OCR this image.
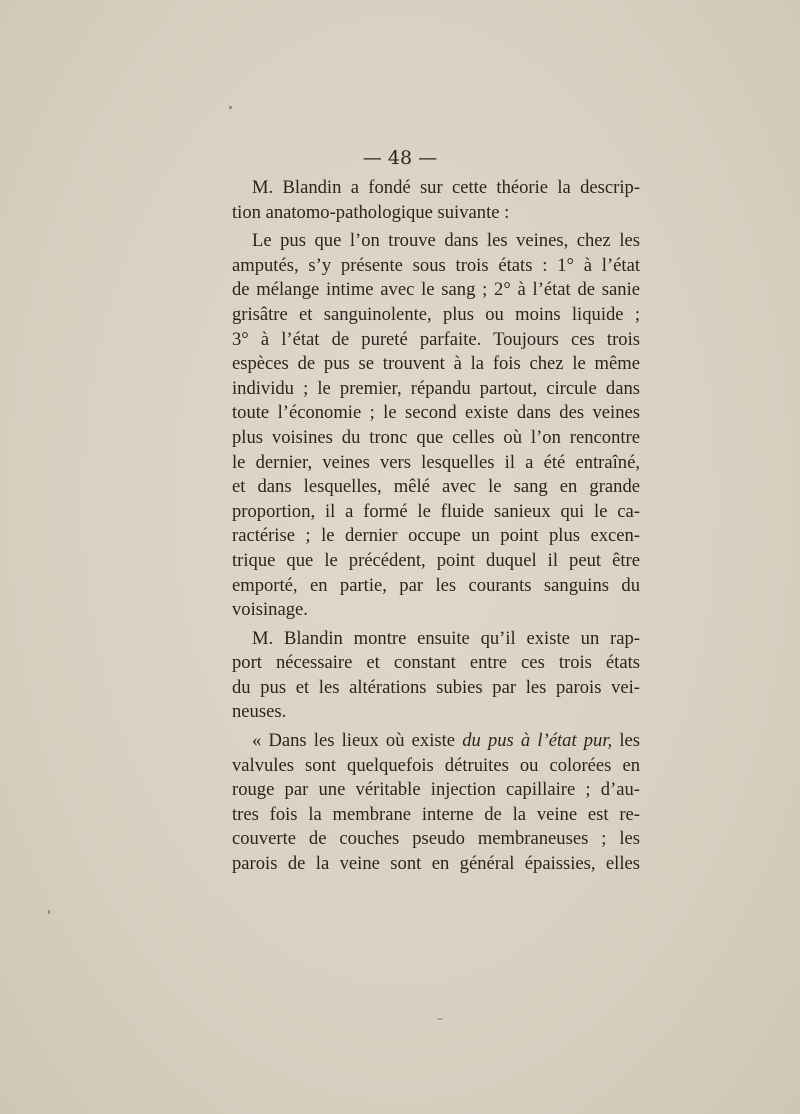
— 48 —
M. Blandin a fondé sur cette théorie la descrip-
tion anatomo-pathologique suivante :
Le pus que l’on trouve dans les veines, chez les
amputés, s’y présente sous trois états : 1° à l’état
de mélange intime avec le sang ; 2° à l’état de sanie
grisâtre et sanguinolente, plus ou moins liquide ;
3° à l’état de pureté parfaite. Toujours ces trois
espèces de pus se trouvent à la fois chez le même
individu ; le premier, répandu partout, circule dans
toute l’économie ; le second existe dans des veines
plus voisines du tronc que celles où l’on rencontre
le dernier, veines vers lesquelles il a été entraîné,
et dans lesquelles, mêlé avec le sang en grande
proportion, il a formé le fluide sanieux qui le ca-
ractérise ; le dernier occupe un point plus excen-
trique que le précédent, point duquel il peut être
emporté, en partie, par les courants sanguins du
voisinage.
M. Blandin montre ensuite qu’il existe un rap-
port nécessaire et constant entre ces trois états
du pus et les altérations subies par les parois vei-
neuses.
« Dans les lieux où existe du pus à l’état pur, les
valvules sont quelquefois détruites ou colorées en
rouge par une véritable injection capillaire ; d’au-
tres fois la membrane interne de la veine est re-
couverte de couches pseudo membraneuses ; les
parois de la veine sont en général épaissies, elles
